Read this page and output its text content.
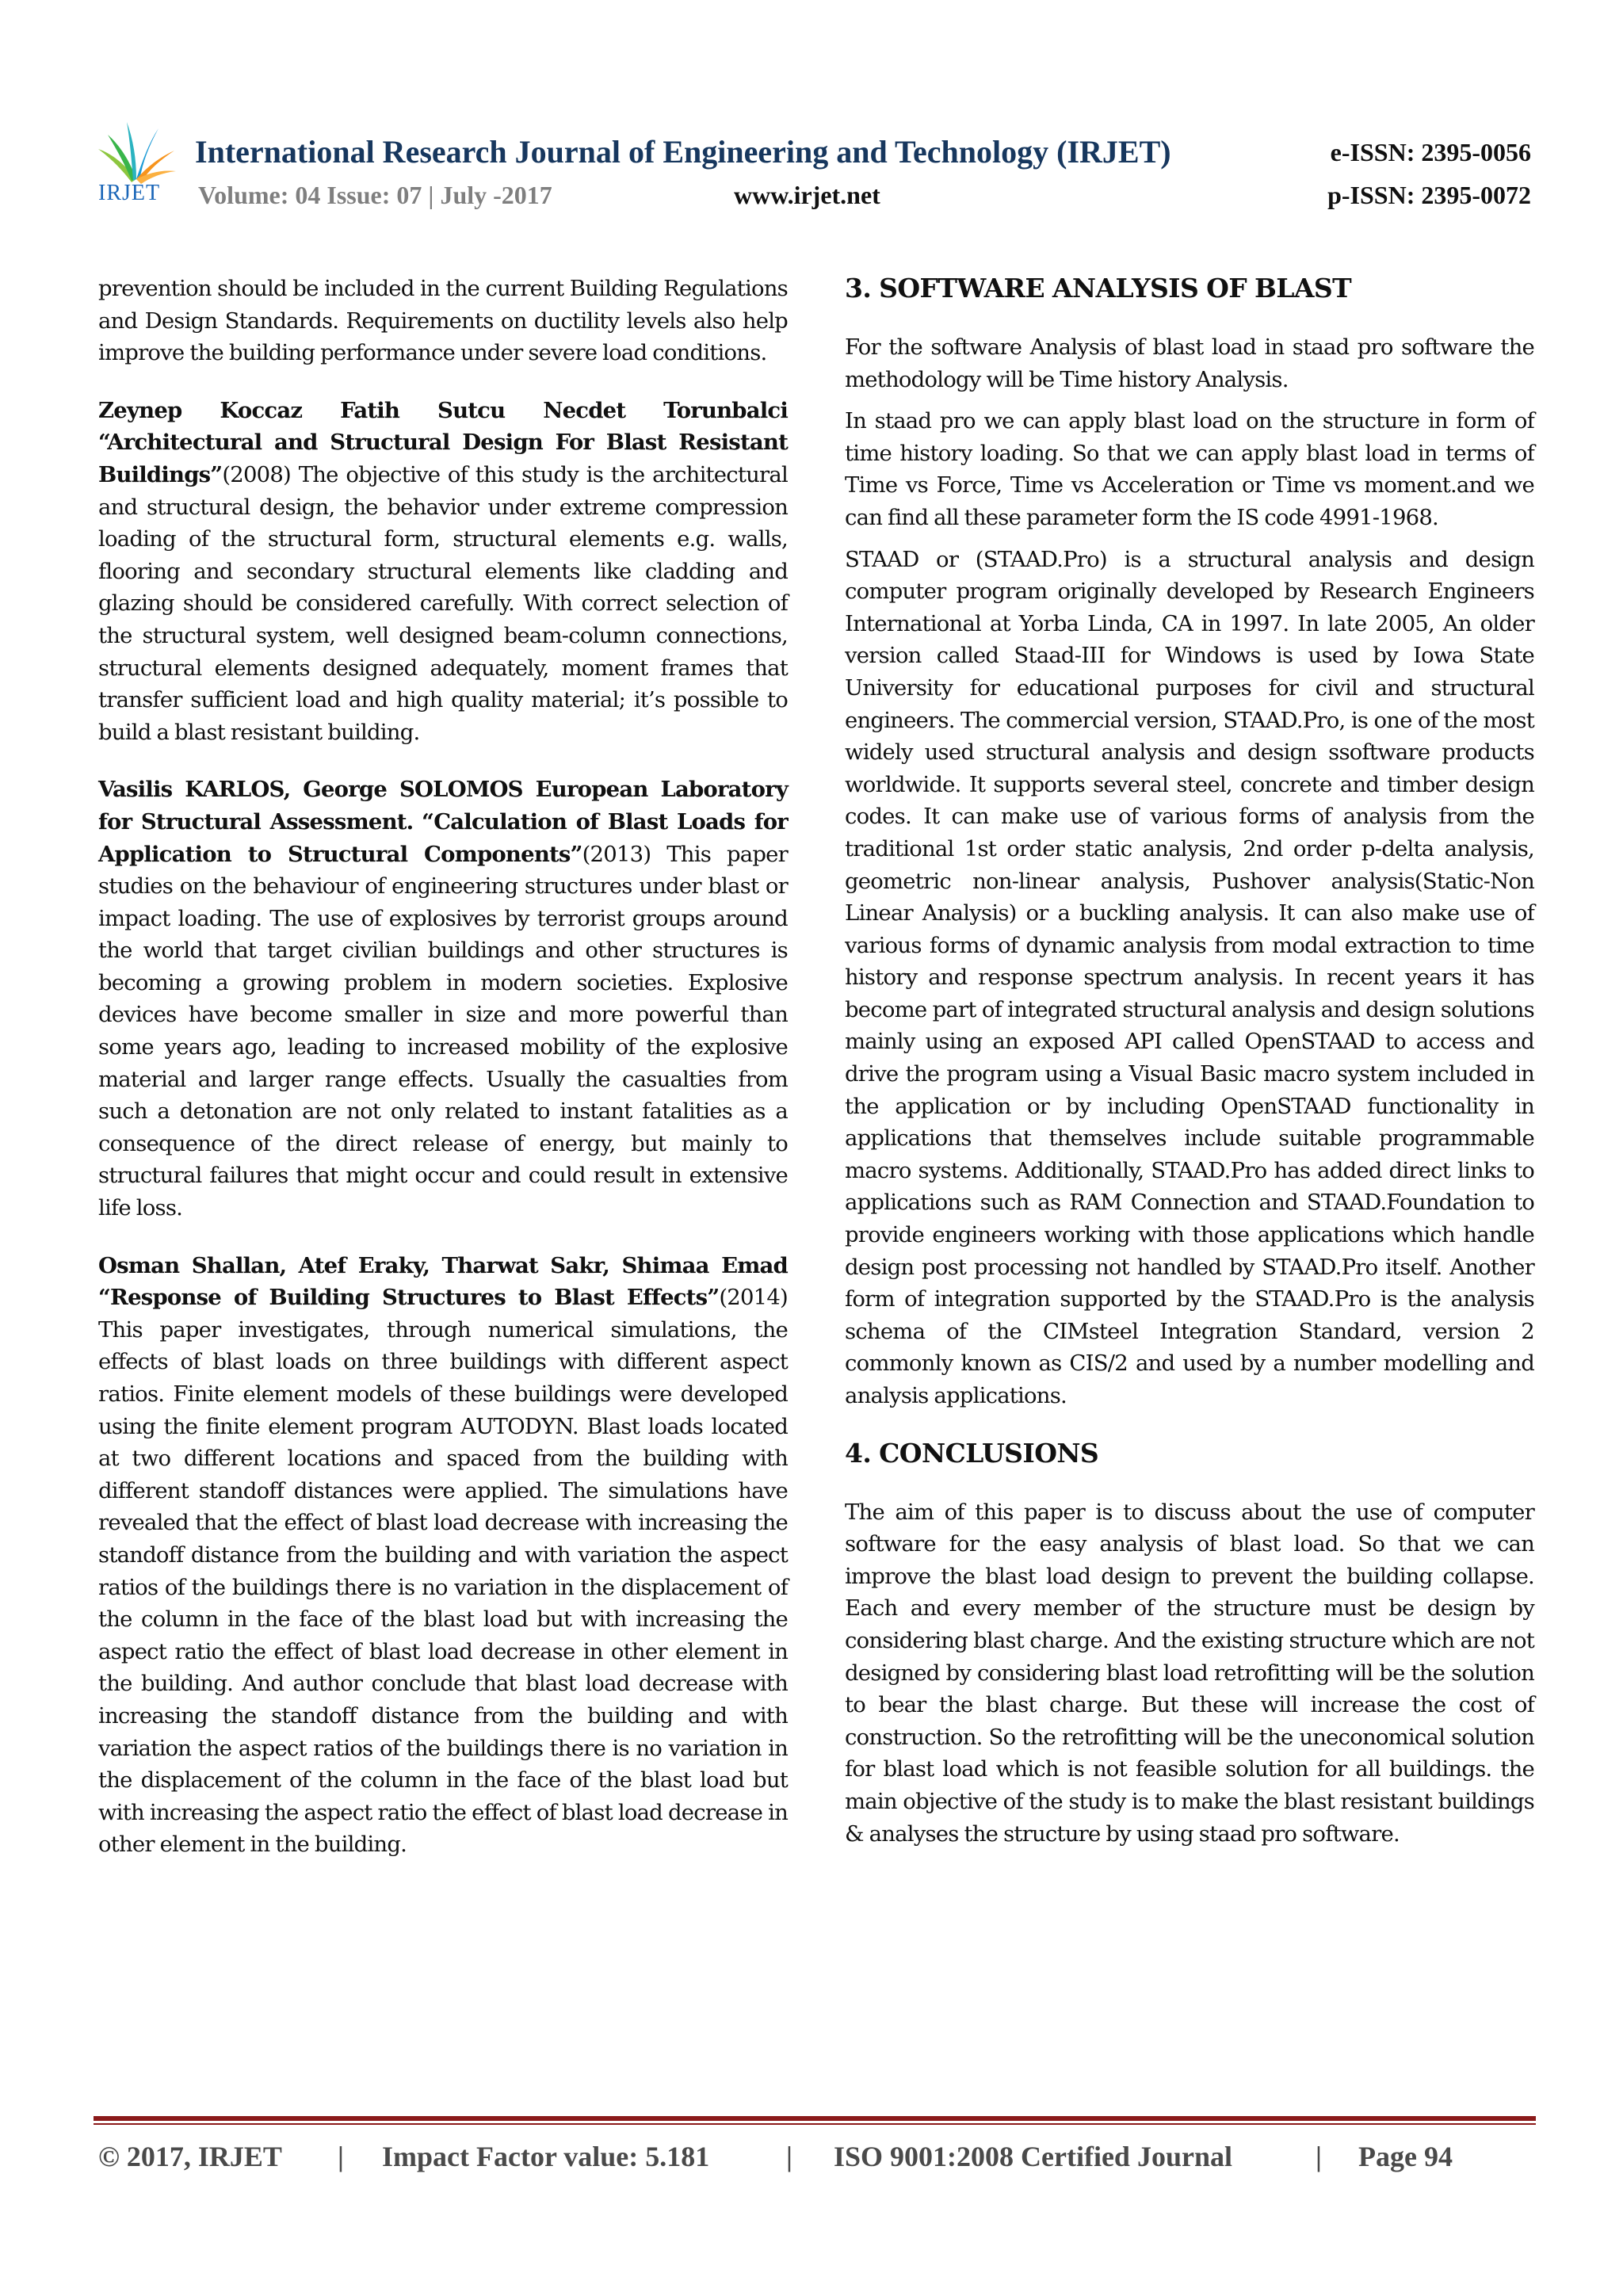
IRJET
International Research Journal of Engineering and Technology (IRJET)	e-ISSN: 2395-0056
Volume: 04 Issue: 07 | July -2017	www.irjet.net	p-ISSN: 2395-0072

prevention should be included in the current Building Regulations and Design Standards. Requirements on ductility levels also help improve the building performance under severe load conditions.

Zeynep Koccaz Fatih Sutcu Necdet Torunbalci “Architectural and Structural Design For Blast Resistant Buildings”(2008) The objective of this study is the architectural and structural design, the behavior under extreme compression loading of the structural form, structural elements e.g. walls, flooring and secondary structural elements like cladding and glazing should be considered carefully. With correct selection of the structural system, well designed beam-column connections, structural elements designed adequately, moment frames that transfer sufficient load and high quality material; it’s possible to build a blast resistant building.

Vasilis KARLOS, George SOLOMOS European Laboratory for Structural Assessment. “Calculation of Blast Loads for Application to Structural Components”(2013) This paper studies on the behaviour of engineering structures under blast or impact loading. The use of explosives by terrorist groups around the world that target civilian buildings and other structures is becoming a growing problem in modern societies. Explosive devices have become smaller in size and more powerful than some years ago, leading to increased mobility of the explosive material and larger range effects. Usually the casualties from such a detonation are not only related to instant fatalities as a consequence of the direct release of energy, but mainly to structural failures that might occur and could result in extensive life loss.

Osman Shallan, Atef Eraky, Tharwat Sakr, Shimaa Emad “Response of Building Structures to Blast Effects”(2014) This paper investigates, through numerical simulations, the effects of blast loads on three buildings with different aspect ratios. Finite element models of these buildings were developed using the finite element program AUTODYN. Blast loads located at two different locations and spaced from the building with different standoff distances were applied. The simulations have revealed that the effect of blast load decrease with increasing the standoff distance from the building and with variation the aspect ratios of the buildings there is no variation in the displacement of the column in the face of the blast load but with increasing the aspect ratio the effect of blast load decrease in other element in the building. And author conclude that blast load decrease with increasing the standoff distance from the building and with variation the aspect ratios of the buildings there is no variation in the displacement of the column in the face of the blast load but with increasing the aspect ratio the effect of blast load decrease in other element in the building.

3. SOFTWARE ANALYSIS OF BLAST

For the software Analysis of blast load in staad pro software the methodology will be Time history Analysis.

In staad pro we can apply blast load on the structure in form of time history loading. So that we can apply blast load in terms of Time vs Force, Time vs Acceleration or Time vs moment.and we can find all these parameter form the IS code 4991-1968.

STAAD or (STAAD.Pro) is a structural analysis and design computer program originally developed by Research Engineers International at Yorba Linda, CA in 1997. In late 2005, An older version called Staad-III for Windows is used by Iowa State University for educational purposes for civil and structural engineers. The commercial version, STAAD.Pro, is one of the most widely used structural analysis and design ssoftware products worldwide. It supports several steel, concrete and timber design codes. It can make use of various forms of analysis from the traditional 1st order static analysis, 2nd order p-delta analysis, geometric non-linear analysis, Pushover analysis(Static-Non Linear Analysis) or a buckling analysis. It can also make use of various forms of dynamic analysis from modal extraction to time history and response spectrum analysis. In recent years it has become part of integrated structural analysis and design solutions mainly using an exposed API called OpenSTAAD to access and drive the program using a Visual Basic macro system included in the application or by including OpenSTAAD functionality in applications that themselves include suitable programmable macro systems. Additionally, STAAD.Pro has added direct links to applications such as RAM Connection and STAAD.Foundation to provide engineers working with those applications which handle design post processing not handled by STAAD.Pro itself. Another form of integration supported by the STAAD.Pro is the analysis schema of the CIMsteel Integration Standard, version 2 commonly known as CIS/2 and used by a number modelling and analysis applications.

4. CONCLUSIONS

The aim of this paper is to discuss about the use of computer software for the easy analysis of blast load. So that we can improve the blast load design to prevent the building collapse. Each and every member of the structure must be design by considering blast charge. And the existing structure which are not designed by considering blast load retrofitting will be the solution to bear the blast charge. But these will increase the cost of construction. So the retrofitting will be the uneconomical solution for blast load which is not feasible solution for all buildings. the main objective of the study is to make the blast resistant buildings & analyses the structure by using staad pro software.

© 2017, IRJET | Impact Factor value: 5.181	| ISO 9001:2008 Certified Journal	| Page 94
